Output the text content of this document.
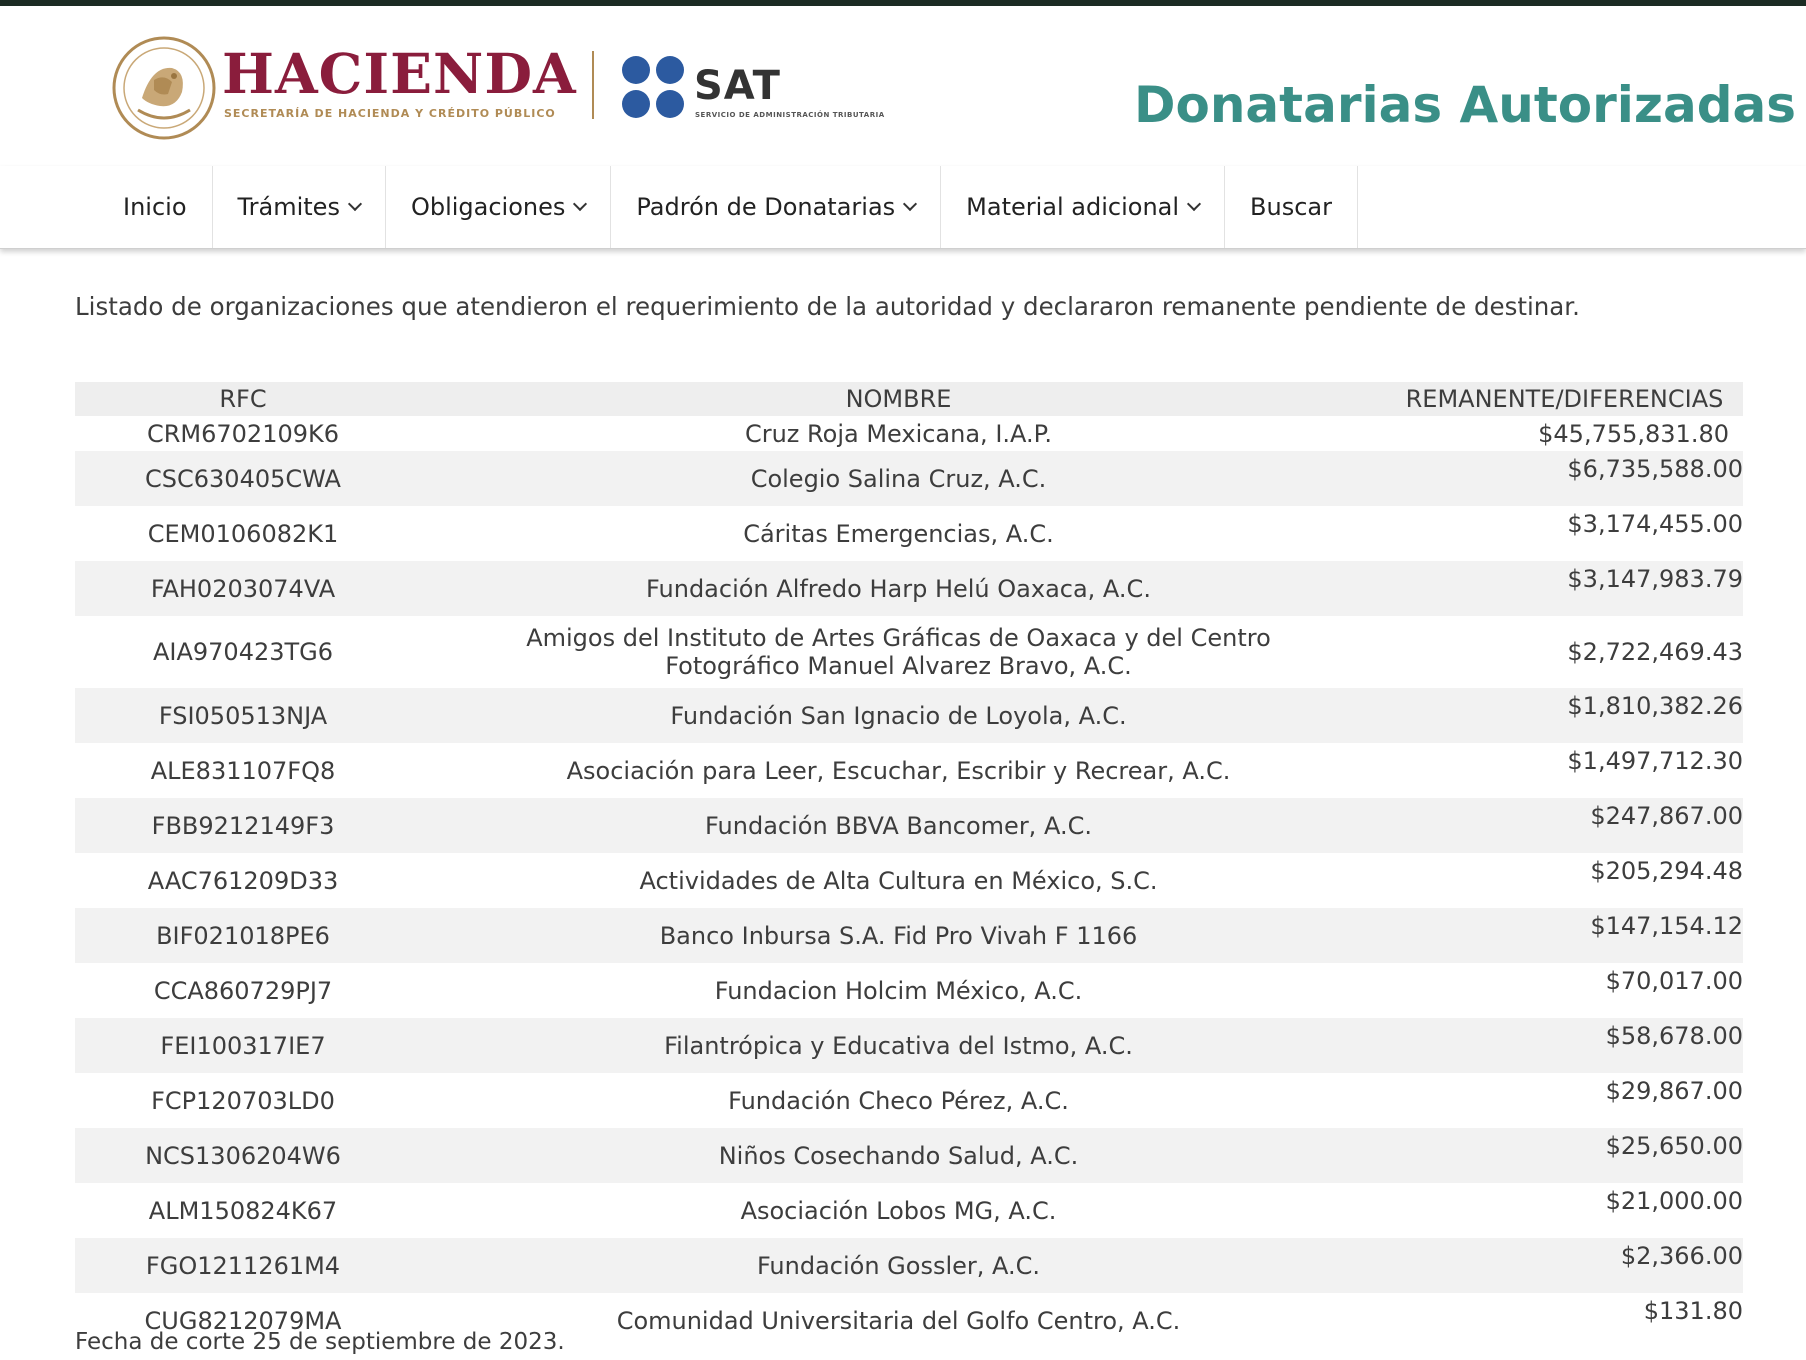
HACIENDA
SECRETARÍA DE HACIENDA Y CRÉDITO PÚBLICO
SAT
SERVICIO DE ADMINISTRACIÓN TRIBUTARIA	Donatarias Autorizadas
Inicio Trámites	Obligaciones	Padrón de Donatarias	Material adicional	Buscar
Listado de organizaciones que atendieron el requerimiento de la autoridad y declararon remanente pendiente de destinar.
RFC	NOMBRE	REMANENTE/DIFERENCIAS
CRM6702109K6	Cruz Roja Mexicana, I.A.P.	$45,755,831.80
CSC630405CWA	Colegio Salina Cruz, A.C.	$6,735,588.00
CEM0106082K1	Cáritas Emergencias, A.C.	$3,174,455.00
FAH0203074VA	Fundación Alfredo Harp Helú Oaxaca, A.C.	$3,147,983.79
AIA970423TG6	Amigos del Instituto de Artes Gráficas de Oaxaca y del Centro
Fotográfico Manuel Alvarez Bravo, A.C.	$2,722,469.43
FSI050513NJA	Fundación San Ignacio de Loyola, A.C.	$1,810,382.26
ALE831107FQ8	Asociación para Leer, Escuchar, Escribir y Recrear, A.C.	$1,497,712.30
FBB9212149F3	Fundación BBVA Bancomer, A.C.	$247,867.00
AAC761209D33	Actividades de Alta Cultura en México, S.C.	$205,294.48
BIF021018PE6	Banco Inbursa S.A. Fid Pro Vivah F 1166	$147,154.12
CCA860729PJ7	Fundacion Holcim México, A.C.	$70,017.00
FEI100317IE7	Filantrópica y Educativa del Istmo, A.C.	$58,678.00
FCP120703LD0	Fundación Checo Pérez, A.C.	$29,867.00
NCS1306204W6	Niños Cosechando Salud, A.C.	$25,650.00
ALM150824K67	Asociación Lobos MG, A.C.	$21,000.00
FGO1211261M4	Fundación Gossler, A.C.	$2,366.00
CUG8212079MA	Comunidad Universitaria del Golfo Centro, A.C.	$131.80
Fecha de corte 25 de septiembre de 2023.
